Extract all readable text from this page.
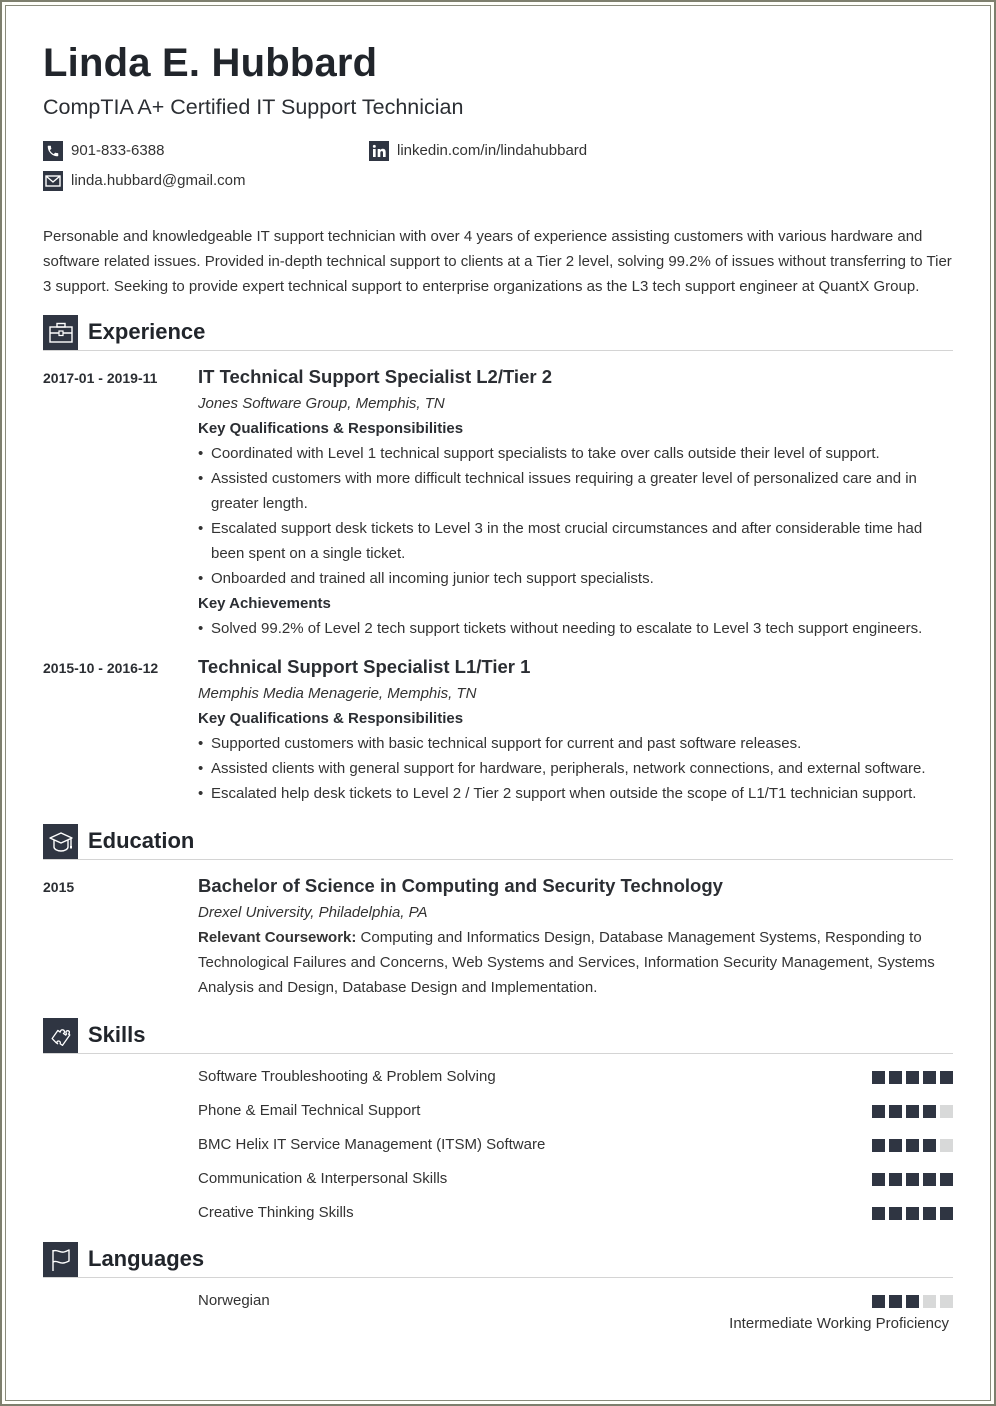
Linda E. Hubbard
CompTIA A+ Certified IT Support Technician
901-833-6388	linkedin.com/in/lindahubbard
linda.hubbard@gmail.com

Personable and knowledgeable IT support technician with over 4 years of experience assisting customers with various hardware and software related issues. Provided in-depth technical support to clients at a Tier 2 level, solving 99.2% of issues without transferring to Tier 3 support. Seeking to provide expert technical support to enterprise organizations as the L3 tech support engineer at QuantX Group.

Experience
2017-01 - 2019-11 IT Technical Support Specialist L2/Tier 2
Jones Software Group, Memphis, TN
Key Qualifications & Responsibilities
• Coordinated with Level 1 technical support specialists to take over calls outside their level of support.
• Assisted customers with more difficult technical issues requiring a greater level of personalized care and in greater length.
• Escalated support desk tickets to Level 3 in the most crucial circumstances and after considerable time had been spent on a single ticket.
• Onboarded and trained all incoming junior tech support specialists.
Key Achievements
• Solved 99.2% of Level 2 tech support tickets without needing to escalate to Level 3 tech support engineers.
2015-10 - 2016-12 Technical Support Specialist L1/Tier 1
Memphis Media Menagerie, Memphis, TN
Key Qualifications & Responsibilities
• Supported customers with basic technical support for current and past software releases.
• Assisted clients with general support for hardware, peripherals, network connections, and external software.
• Escalated help desk tickets to Level 2 / Tier 2 support when outside the scope of L1/T1 technician support.
Education
2015	Bachelor of Science in Computing and Security Technology
Drexel University, Philadelphia, PA

Relevant Coursework: Computing and Informatics Design, Database Management Systems, Responding to Technological Failures and Concerns, Web Systems and Services, Information Security Management, Systems Analysis and Design, Database Design and Implementation.

Skills
Software Troubleshooting & Problem Solving
Phone & Email Technical Support
BMC Helix IT Service Management (ITSM) Software
Communication & Interpersonal Skills
Creative Thinking Skills
Languages
Norwegian
Intermediate Working Proficiency
